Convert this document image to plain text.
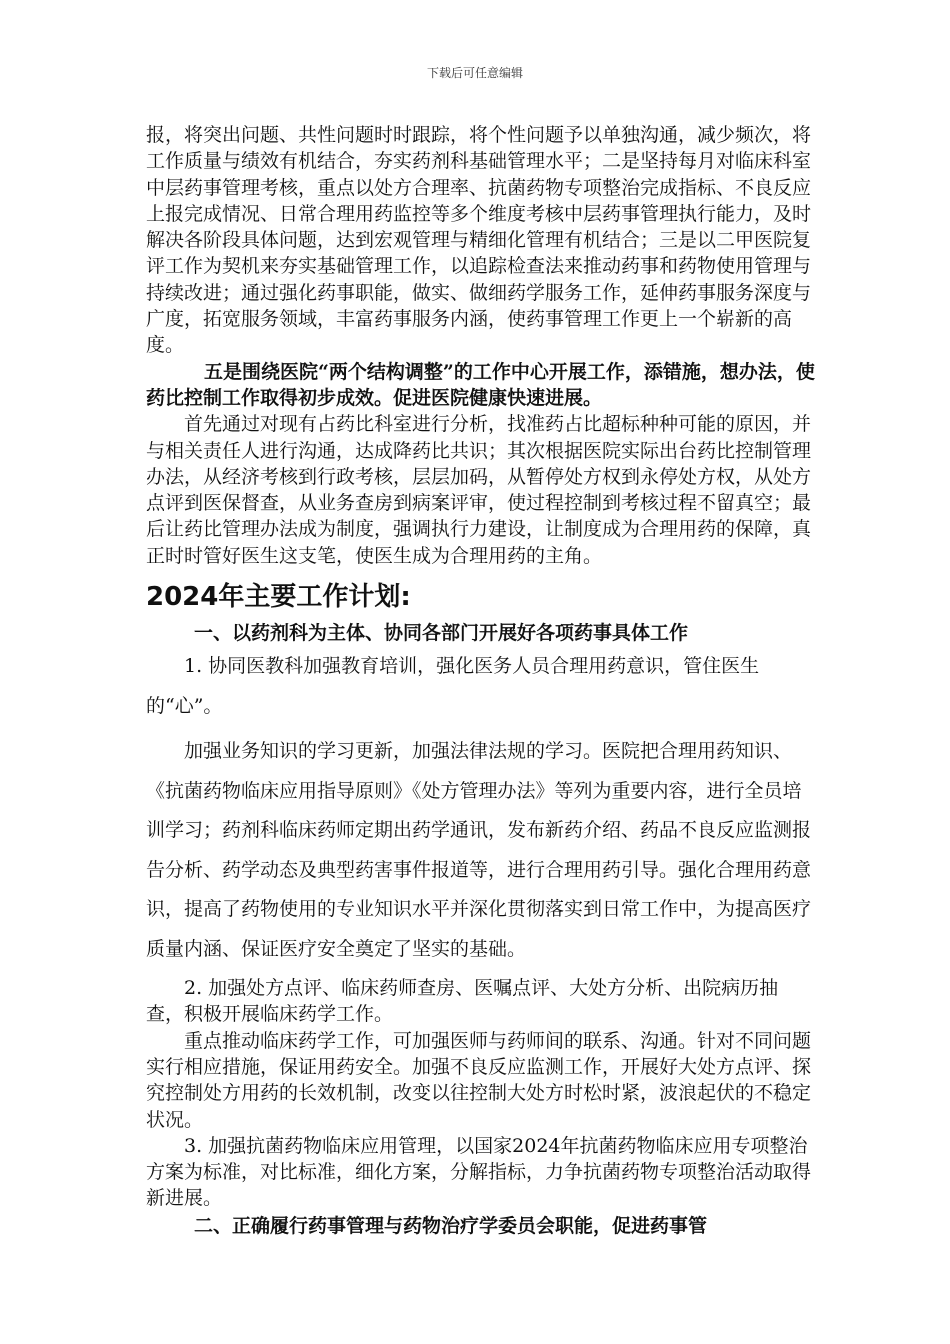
下载后可任意编辑

报，将突出问题、共性问题时时跟踪，将个性问题予以单独沟通，减少频次，将工作质量与绩效有机结合，夯实药剂科基础管理水平；二是坚持每月对临床科室中层药事管理考核，重点以处方合理率、抗菌药物专项整治完成指标、不良反应上报完成情况、日常合理用药监控等多个维度考核中层药事管理执行能力，及时解决各阶段具体问题，达到宏观管理与精细化管理有机结合；三是以二甲医院复评工作为契机来夯实基础管理工作，以追踪检查法来推动药事和药物使用管理与持续改进；通过强化药事职能，做实、做细药学服务工作，延伸药事服务深度与广度，拓宽服务领域，丰富药事服务内涵，使药事管理工作更上一个崭新的高度。

五是围绕医院“两个结构调整”的工作中心开展工作，添错施，想办法，使药比控制工作取得初步成效。促进医院健康快速进展。

首先通过对现有占药比科室进行分析，找准药占比超标种种可能的原因，并与相关责任人进行沟通，达成降药比共识；其次根据医院实际出台药比控制管理办法，从经济考核到行政考核，层层加码，从暂停处方权到永停处方权，从处方点评到医保督查，从业务查房到病案评审，使过程控制到考核过程不留真空；最后让药比管理办法成为制度，强调执行力建设，让制度成为合理用药的保障，真正时时管好医生这支笔，使医生成为合理用药的主角。

2024年主要工作计划:
一、以药剂科为主体、协同各部门开展好各项药事具体工作

1. 协同医教科加强教育培训，强化医务人员合理用药意识，管住医生的“心”。

加强业务知识的学习更新，加强法律法规的学习。医院把合理用药知识、《抗菌药物临床应用指导原则》《处方管理办法》等列为重要内容，进行全员培训学习；药剂科临床药师定期出药学通讯，发布新药介绍、药品不良反应监测报告分析、药学动态及典型药害事件报道等，进行合理用药引导。强化合理用药意识，提高了药物使用的专业知识水平并深化贯彻落实到日常工作中，为提高医疗质量内涵、保证医疗安全奠定了坚实的基础。

2. 加强处方点评、临床药师查房、医嘱点评、大处方分析、出院病历抽查，积极开展临床药学工作。

重点推动临床药学工作，可加强医师与药师间的联系、沟通。针对不同问题实行相应措施，保证用药安全。加强不良反应监测工作，开展好大处方点评、探究控制处方用药的长效机制，改变以往控制大处方时松时紧，波浪起伏的不稳定状况。

3. 加强抗菌药物临床应用管理，以国家2024年抗菌药物临床应用专项整治方案为标准，对比标准，细化方案，分解指标，力争抗菌药物专项整治活动取得新进展。

二、正确履行药事管理与药物治疗学委员会职能，促进药事管
